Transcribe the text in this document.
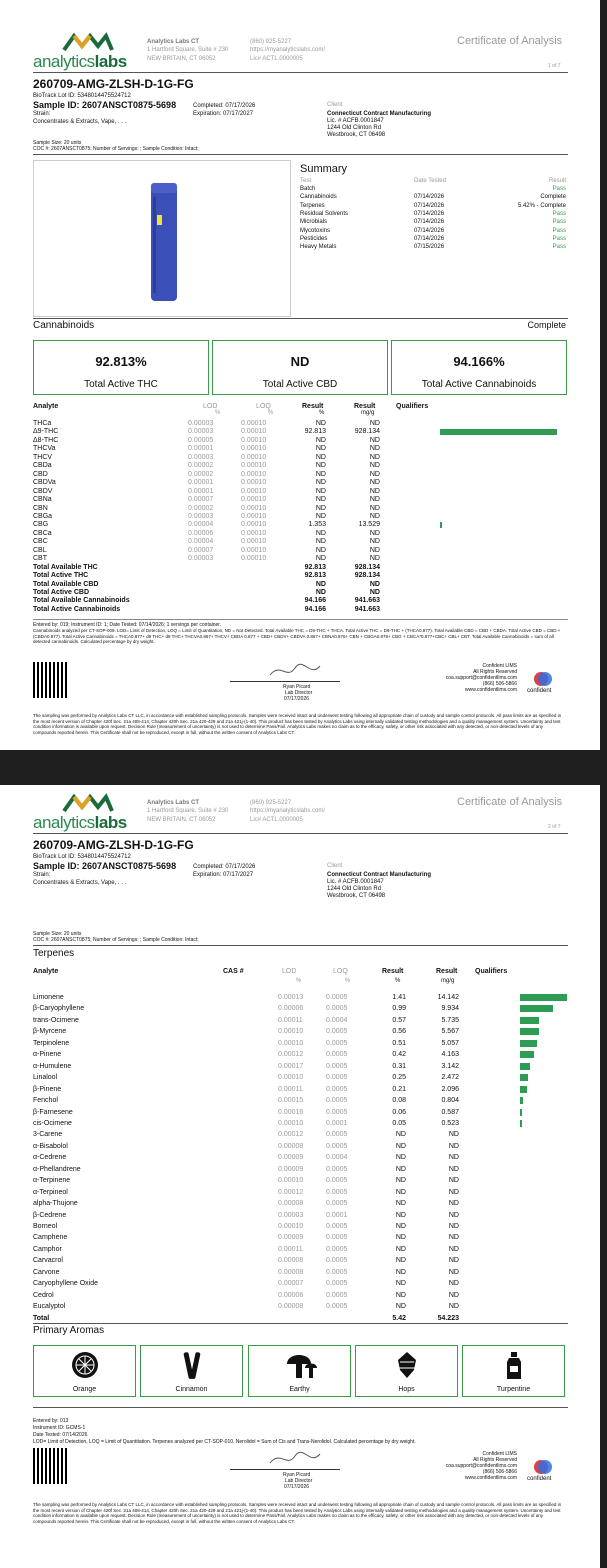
analyticslabs
Analytics Labs CT
1 Hartford Square, Suite # 230
NEW BRITAIN, CT 06052
(860) 925-5227
https://myanalyticslabs.com/
Lic# ACTL.0000005
Certificate of Analysis
1 of 7
260709-AMG-ZLSH-D-1G-FG
BioTrack Lot ID: 5348014475524712
Sample ID: 2607ANSCT0875-5698
Strain:
Concentrates & Extracts, Vape, . . .
Completed: 07/17/2026
Expiration: 07/17/2027
Client
Connecticut Contract Manufacturing
Lic. # ACFB.0001847
1244 Old Clinton Rd
Westbrook, CT 06498
Sample Size: 20 units
COC #: 2607ANSCT0875; Number of Servings: ; Sample Condition: Intact;
Summary
Test	Date Tested	Result
Batch	Pass
Cannabinoids	07/14/2026	Complete
Terpenes	07/14/2026	5.42% - Complete
Residual Solvents	07/14/2026	Pass
Microbials	07/14/2026	Pass
Mycotoxins	07/14/2026	Pass
Pesticides	07/14/2026	Pass
Heavy Metals	07/15/2026	Pass
Cannabinoids	Complete
92.813%
Total Active THC
ND
Total Active CBD
94.166%
Total Active Cannabinoids
Analyte	LOD	LOQ	Result	Result	Qualifiers
%	%	%	mg/g
THCa	0.00003	0.00010	ND	ND
Δ9-THC	0.00003	0.00010	92.813	928.134
Δ8-THC	0.00005	0.00010	ND	ND
THCVa	0.00001	0.00010	ND	ND
THCV	0.00003	0.00010	ND	ND
CBDa	0.00002	0.00010	ND	ND
CBD	0.00002	0.00010	ND	ND
CBDVa	0.00001	0.00010	ND	ND
CBDV	0.00001	0.00010	ND	ND
CBNa	0.00007	0.00010	ND	ND
CBN	0.00002	0.00010	ND	ND
CBGa	0.00003	0.00010	ND	ND
CBG	0.00004	0.00010	1.353	13.529
CBCa	0.00006	0.00010	ND	ND
CBC	0.00004	0.00010	ND	ND
CBL	0.00007	0.00010	ND	ND
CBT	0.00003	0.00010	ND	ND
Total Available THC	92.813	928.134
Total Active THC	92.813	928.134
Total Available CBD	ND	ND
Total Active CBD	ND	ND
Total Available Cannabinoids	94.166	941.663
Total Active Cannabinoids	94.166	941.663
Entered by: 019; Instrument ID: 1; Date Tested: 07/14/2026; 1 servings per container.
Cannabinoids analyzed per CT-SOP-009. LOD= Limit of Detection, LOQ = Limit of Quantitation, ND = Not Detected. Total Available THC = D9-THC + THCA. Total Active THC = D9-THC + (THCA0.877). Total Available CBD = CBD + CBDA. Total Active CBD = CBD + (CBDA0.877). Total Active Cannabinoids = THCA0.877+ d9 THC+ d8 THC+ THCVA0.867+ THCV+ CBDA 0.877 + CBD+ CBDV+ CBDVA 0.867+ CBNA0.876+ CBN + CBGA0.878+ CBG + CBCA*0.877+CBC+ CBL+ CBT. Total Available Cannabinoids = sum of all detected cannabinoids. Calculated percentage by dry weight.
Ryan Picard
Lab Director
07/17/2026
Confident LIMS
All Rights Reserved
coa.support@confidentlims.com
(866) 506-5866
www.confidentlims.com confident
The sampling was performed by Analytics Labs CT LLC, in accordance with established sampling protocols. Samples were received intact and underwent testing following all appropriate chain of custody and sample control protocols. All pass limits are as specified in the most recent version of Chapter 420f Sec. 21a 408-414, Chapter 420h Sec. 21a 420-429 and 21a 421j-(1-40). This product has been tested by Analytics Labs using internally validated testing methodologies and a quality management system. Uncertainty and test condition information is available upon request. Decision Rule (measurement of uncertainty) is not used to determine Pass/Fail. Analytics Labs makes no claim as to the efficacy, safety, or other risk associated with any detected, or non-detected levels of any compounds reported herein. This Certificate shall not be reproduced, except in full, without the written consent of Analytics Labs CT.
analyticslabs
Analytics Labs CT
1 Hartford Square, Suite # 230
NEW BRITAIN, CT 06052
(860) 925-5227
https://myanalyticslabs.com/
Lic# ACTL.0000005
Certificate of Analysis
2 of 7
260709-AMG-ZLSH-D-1G-FG
BioTrack Lot ID: 5348014475524712
Sample ID: 2607ANSCT0875-5698
Strain:
Concentrates & Extracts, Vape, . . .
Completed: 07/17/2026
Expiration: 07/17/2027
Client
Connecticut Contract Manufacturing
Lic. # ACFB.0001847
1244 Old Clinton Rd
Westbrook, CT 06498
Sample Size: 20 units
COC #: 2607ANSCT0875; Number of Servings: ; Sample Condition: Intact;
Terpenes
Analyte	CAS #	LOD	LOQ	Result	Result	Qualifiers
%	%	%	mg/g
Limonene	0.00013	0.0005	1.41	14.142
β-Caryophyllene	0.00006	0.0005	0.99	9.934
trans-Ocimene	0.00011	0.0004	0.57	5.735
β-Myrcene	0.00010	0.0005	0.56	5.567
Terpinolene	0.00010	0.0005	0.51	5.057
α-Pinene	0.00012	0.0005	0.42	4.163
α-Humulene	0.00017	0.0005	0.31	3.142
Linalool	0.00010	0.0005	0.25	2.472
β-Pinene	0.00011	0.0005	0.21	2.096
Fenchol	0.00015	0.0005	0.08	0.804
β-Farnesene	0.00016	0.0005	0.06	0.587
cis-Ocimene	0.00010	0.0001	0.05	0.523
3-Carene	0.00012	0.0005	ND	ND
α-Bisabolol	0.00008	0.0005	ND	ND
α-Cedrene	0.00009	0.0004	ND	ND
α-Phellandrene	0.00009	0.0005	ND	ND
α-Terpinene	0.00010	0.0005	ND	ND
α-Terpineol	0.00012	0.0005	ND	ND
alpha-Thujone	0.00008	0.0005	ND	ND
β-Cedrene	0.00003	0.0001	ND	ND
Borneol	0.00010	0.0005	ND	ND
Camphene	0.00009	0.0005	ND	ND
Camphor	0.00011	0.0005	ND	ND
Carvacrol	0.00008	0.0005	ND	ND
Carvone	0.00008	0.0005	ND	ND
Caryophyllene Oxide	0.00007	0.0005	ND	ND
Cedrol	0.00006	0.0005	ND	ND
Eucalyptol	0.00008	0.0005	ND	ND
Total	5.42	54.223
Primary Aromas
Orange	Cinnamon	Earthy	Hops	Turpentine
Entered by: 013
Instrument ID: GCMS-1
Date Tested: 07/14/2026
LOD= Limit of Detection, LOQ = Limit of Quantitation. Terpenes analyzed per CT-SOP-010. Nerolidol = Sum of Cis and Trans-Nerolidol. Calculated percentage by dry weight.
Ryan Picard
Lab Director
07/17/2026
Confident LIMS
All Rights Reserved
coa.support@confidentlims.com
(866) 506-5866
www.confidentlims.com confident
The sampling was performed by Analytics Labs CT LLC, in accordance with established sampling protocols. Samples were received intact and underwent testing following all appropriate chain of custody and sample control protocols. All pass limits are as specified in the most recent version of Chapter 420f Sec. 21a 408-414, Chapter 420h Sec. 21a 420-429 and 21a 421j-(1-40). This product has been tested by Analytics Labs using internally validated testing methodologies and a quality management system. Uncertainty and test condition information is available upon request. Decision Rule (measurement of uncertainty) is not used to determine Pass/Fail. Analytics Labs makes no claim as to the efficacy, safety, or other risk associated with any detected, or non-detected levels of any compounds reported herein. This Certificate shall not be reproduced, except in full, without the written consent of Analytics Labs CT.
